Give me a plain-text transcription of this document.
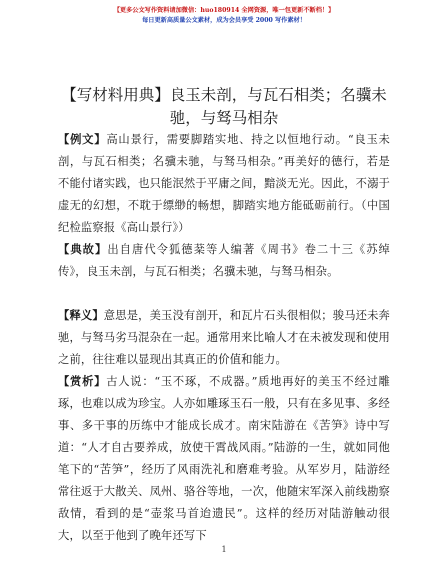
【更多公文写作资料请加微信：huo180914 全网资源，唯一包更新不断档！】
每日更新高质量公文素材，成为会员享受 2000 写作素材！
【写材料用典】良玉未剖，与瓦石相类；名骥未驰，与驽马相杂

【例文】高山景行，需要脚踏实地、持之以恒地行动。“良玉未剖，与瓦石相类；名骥未驰，与驽马相杂。”再美好的德行，若是不能付诸实践，也只能泯然于平庸之间，黯淡无光。因此，不溺于虚无的幻想，不耽于缥缈的畅想，脚踏实地方能砥砺前行。（中国纪检监察报《高山景行》）

【典故】出自唐代令狐德棻等人编著《周书》卷二十三《苏绰传》，良玉未剖，与瓦石相类；名骥未驰，与驽马相杂。

【释义】意思是，美玉没有剖开，和瓦片石头很相似；骏马还未奔驰，与驽马劣马混杂在一起。通常用来比喻人才在未被发现和使用之前，往往难以显现出其真正的价值和能力。

【赏析】古人说：“玉不琢，不成器。”质地再好的美玉不经过雕琢，也难以成为珍宝。人亦如雕琢玉石一般，只有在多见事、多经事、多干事的历练中才能成长成才。南宋陆游在《苦笋》诗中写道：“人才自古要养成，放使干霄战风雨。”陆游的一生，就如同他笔下的“苦笋”，经历了风雨洗礼和磨难考验。从军岁月，陆游经常往返于大散关、凤州、骆谷等地，一次，他随宋军深入前线勘察敌情，看到的是“壶浆马首迨遗民”。这样的经历对陆游触动很大，以至于他到了晚年还写下

1
